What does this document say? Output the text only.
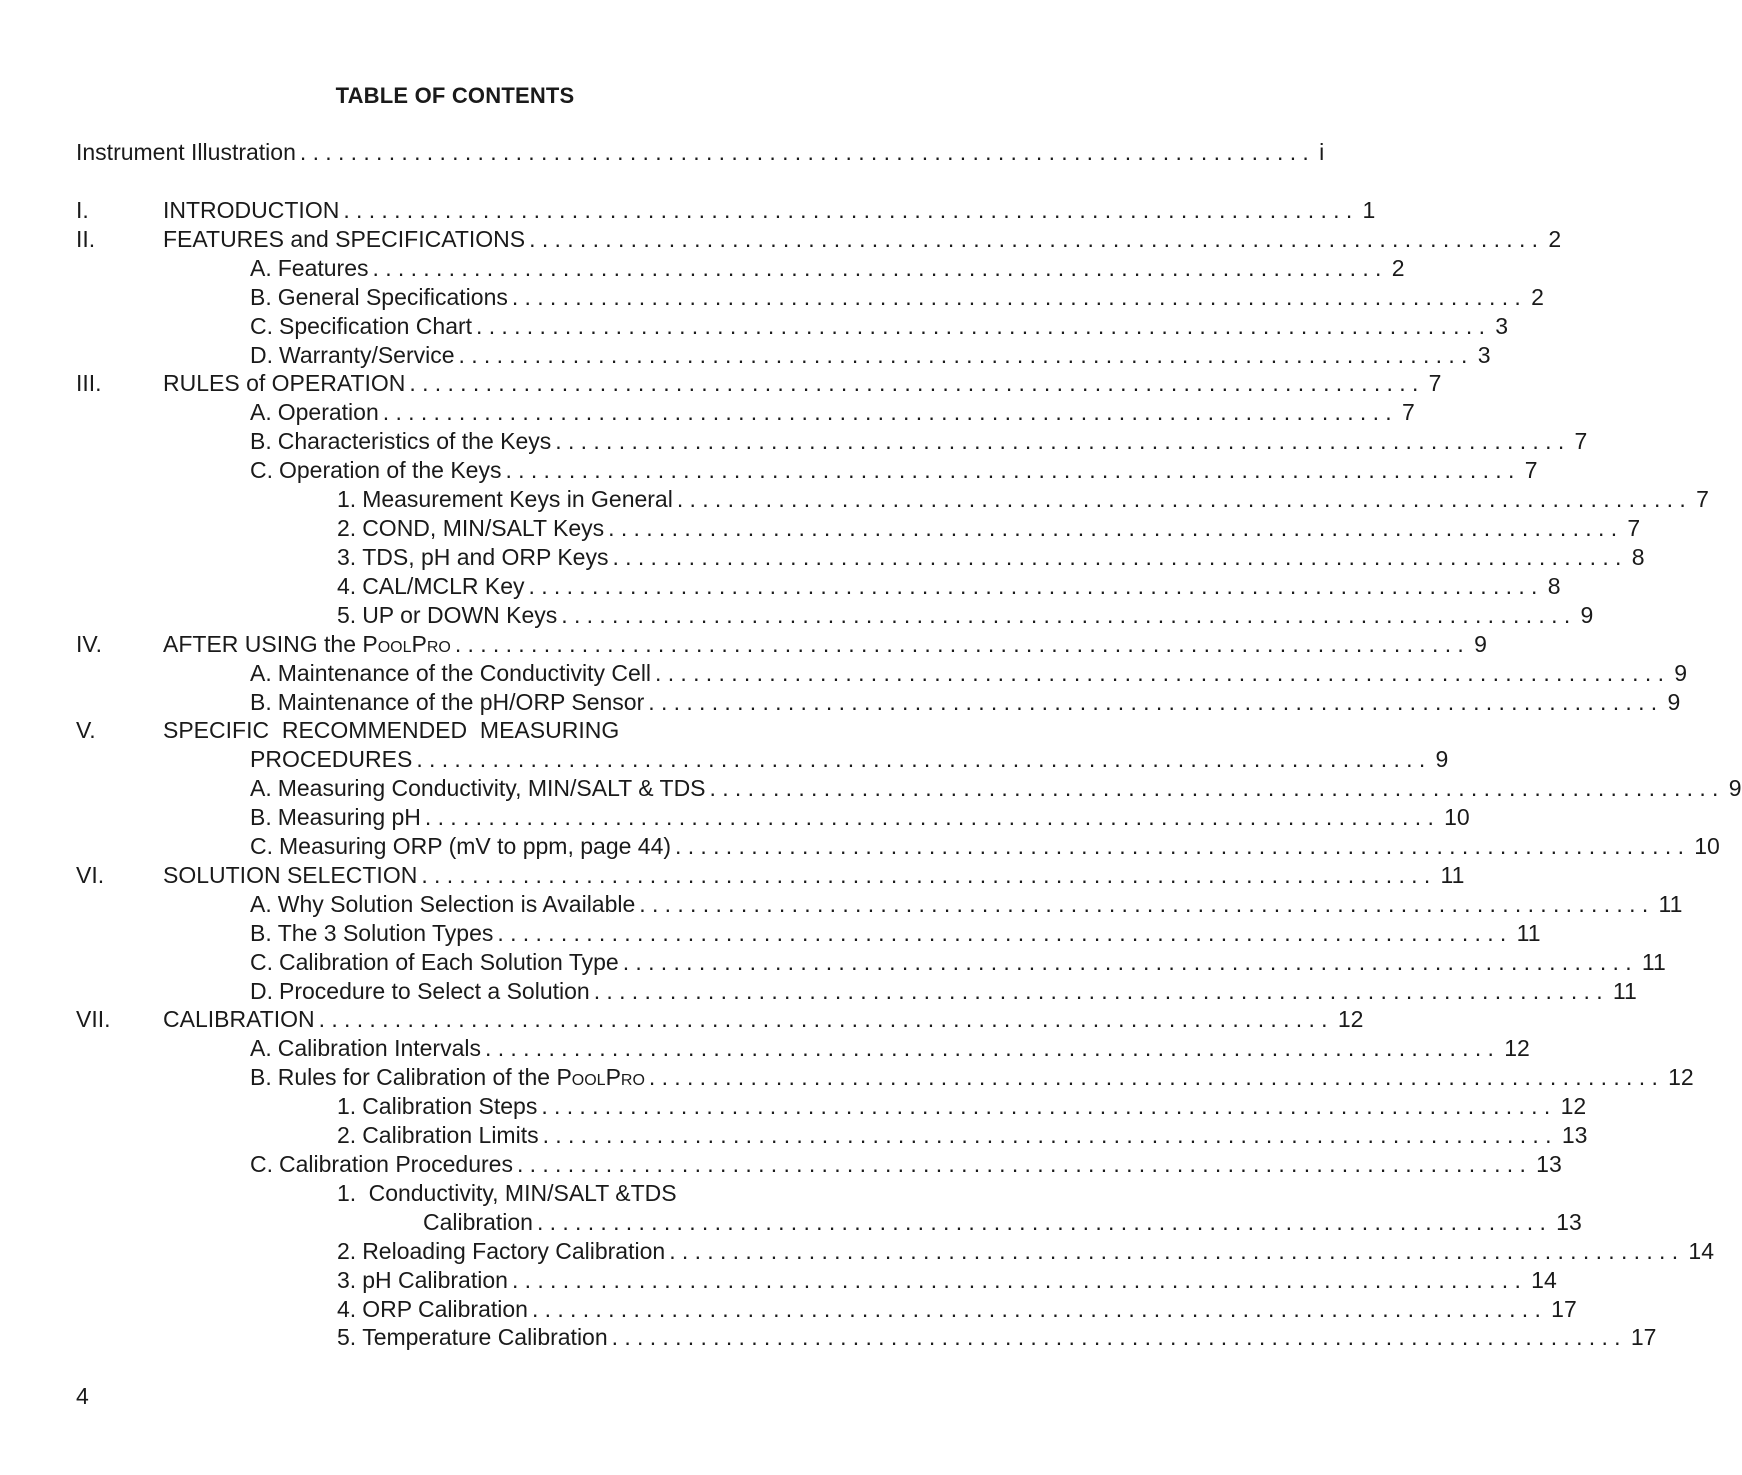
TABLE OF CONTENTS
Instrument Illustration ................................................................................ i
I.	INTRODUCTION ................................................................................ 1
II.	FEATURES and SPECIFICATIONS ................................................................................ 2
A. Features ................................................................................ 2
B. General Specifications ................................................................................ 2
C. Specification Chart ................................................................................ 3
D. Warranty/Service ................................................................................ 3
III.	RULES of OPERATION ................................................................................ 7
A. Operation ................................................................................ 7
B. Characteristics of the Keys ................................................................................ 7
C. Operation of the Keys ................................................................................ 7
1. Measurement Keys in General ................................................................................ 7
2. COND, MIN/SALT Keys ................................................................................ 7
3. TDS, pH and ORP Keys ................................................................................ 8
4. CAL/MCLR Key ................................................................................ 8
5. UP or DOWN Keys ................................................................................ 9
IV.	AFTER USING the POOLPRO ................................................................................ 9
A. Maintenance of the Conductivity Cell ................................................................................ 9
B. Maintenance of the pH/ORP Sensor ................................................................................ 9
V.	SPECIFIC  RECOMMENDED  MEASURING
PROCEDURES ................................................................................ 9
A. Measuring Conductivity, MIN/SALT & TDS ................................................................................ 9
B. Measuring pH ................................................................................ 10
C. Measuring ORP (mV to ppm, page 44) ................................................................................ 10
VI.	SOLUTION SELECTION ................................................................................ 11
A. Why Solution Selection is Available ................................................................................ 11
B. The 3 Solution Types ................................................................................ 11
C. Calibration of Each Solution Type ................................................................................ 11
D. Procedure to Select a Solution ................................................................................ 11
VII. CALIBRATION ................................................................................ 12
A. Calibration Intervals ................................................................................ 12
B. Rules for Calibration of the POOLPRO ................................................................................ 12
1. Calibration Steps ................................................................................ 12
2. Calibration Limits ................................................................................ 13
C. Calibration Procedures ................................................................................ 13
1. Conductivity, MIN/SALT &TDS
Calibration ................................................................................ 13
2. Reloading Factory Calibration ................................................................................ 14
3. pH Calibration ................................................................................ 14
4. ORP Calibration ................................................................................ 17
5. Temperature Calibration ................................................................................ 17
4
